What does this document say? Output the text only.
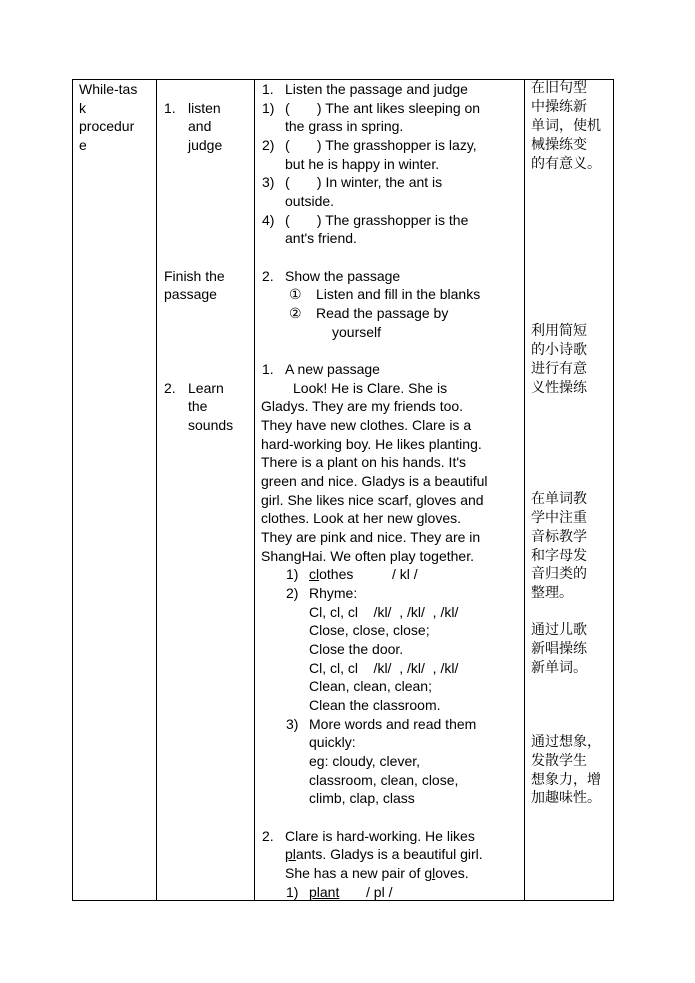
While-tas
k
procedur
e
1. listen
and
judge
Finish the
passage
2. Learn
the
sounds
1. Listen the passage and judge
1) (       ) The ant likes sleeping on
the grass in spring.
2) (       ) The grasshopper is lazy,
but he is happy in winter.
3) (       ) In winter, the ant is
outside.
4) (       ) The grasshopper is the
ant's friend.
2. Show the passage
① Listen and fill in the blanks
② Read the passage by
yourself
1. A new passage
Look! He is Clare. She is
Gladys. They are my friends too.
They have new clothes. Clare is a
hard-working boy. He likes planting.
There is a plant on his hands. It's
green and nice. Gladys is a beautiful
girl. She likes nice scarf, gloves and
clothes. Look at her new gloves.
They are pink and nice. They are in
ShangHai. We often play together.
1) clothes	/ kl /
2) Rhyme:
Cl, cl, cl    /kl/  , /kl/  , /kl/
Close, close, close;
Close the door.
Cl, cl, cl    /kl/  , /kl/  , /kl/
Clean, clean, clean;
Clean the classroom.
3) More words and read them
quickly:
eg: cloudy, clever,
classroom, clean, close,
climb, clap, class
2. Clare is hard-working. He likes
plants. Gladys is a beautiful girl.
She has a new pair of gloves.
1) plant / pl /
在旧句型
中操练新
单词，使机
械操练变
的有意义。
利用简短
的小诗歌
进行有意
义性操练
在单词教
学中注重
音标教学
和字母发
音归类的
整理。
通过儿歌
新唱操练
新单词。
通过想象，
发散学生
想象力，增
加趣味性。
